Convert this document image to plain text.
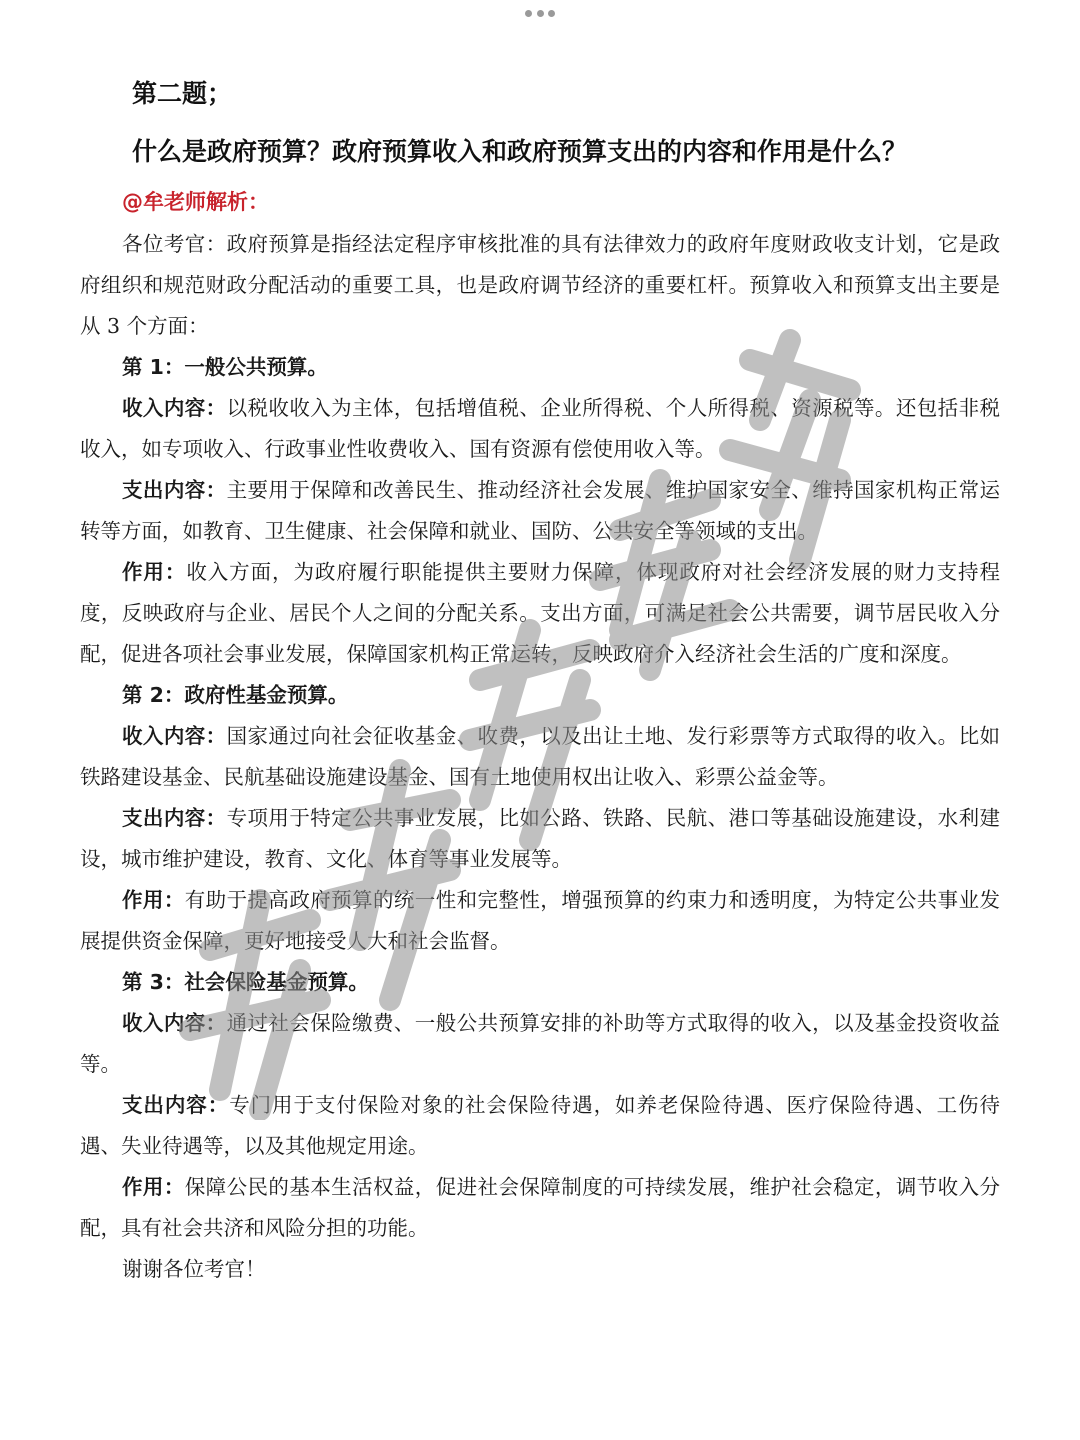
第二题；
什么是政府预算？政府预算收入和政府预算支出的内容和作用是什么？
@牟老师解析：

各位考官：政府预算是指经法定程序审核批准的具有法律效力的政府年度财政收支计划，它是政府组织和规范财政分配活动的重要工具，也是政府调节经济的重要杠杆。预算收入和预算支出主要是从 3 个方面：

第 1：一般公共预算。

收入内容：以税收收入为主体，包括增值税、企业所得税、个人所得税、资源税等。还包括非税收入，如专项收入、行政事业性收费收入、国有资源有偿使用收入等。

支出内容：主要用于保障和改善民生、推动经济社会发展、维护国家安全、维持国家机构正常运转等方面，如教育、卫生健康、社会保障和就业、国防、公共安全等领域的支出。

作用：收入方面，为政府履行职能提供主要财力保障，体现政府对社会经济发展的财力支持程度，反映政府与企业、居民个人之间的分配关系。支出方面，可满足社会公共需要，调节居民收入分配，促进各项社会事业发展，保障国家机构正常运转，反映政府介入经济社会生活的广度和深度。

第 2：政府性基金预算。

收入内容：国家通过向社会征收基金、收费，以及出让土地、发行彩票等方式取得的收入。比如铁路建设基金、民航基础设施建设基金、国有土地使用权出让收入、彩票公益金等。

支出内容：专项用于特定公共事业发展，比如公路、铁路、民航、港口等基础设施建设，水利建设，城市维护建设，教育、文化、体育等事业发展等。

作用：有助于提高政府预算的统一性和完整性，增强预算的约束力和透明度，为特定公共事业发展提供资金保障，更好地接受人大和社会监督。

第 3：社会保险基金预算。

收入内容：通过社会保险缴费、一般公共预算安排的补助等方式取得的收入，以及基金投资收益等。

支出内容：专门用于支付保险对象的社会保险待遇，如养老保险待遇、医疗保险待遇、工伤待遇、失业待遇等，以及其他规定用途。

作用：保障公民的基本生活权益，促进社会保障制度的可持续发展，维护社会稳定，调节收入分配，具有社会共济和风险分担的功能。

谢谢各位考官！
